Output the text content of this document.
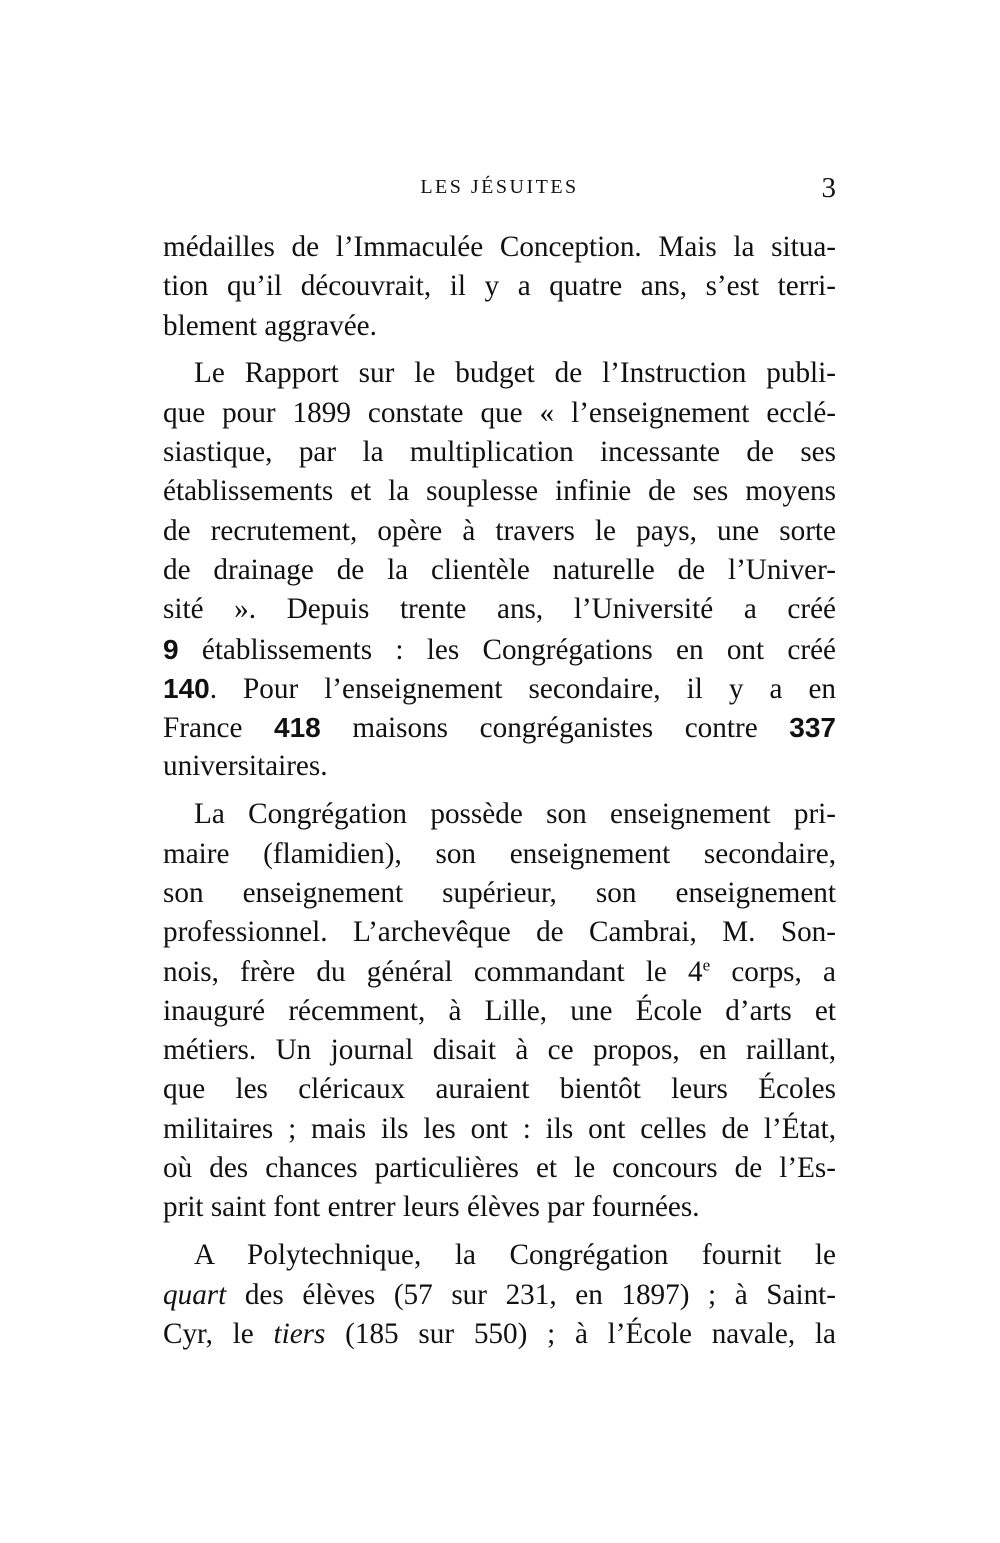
LES JÉSUITES	3

médailles de l’Immaculée Conception. Mais la situa-
tion qu’il découvrait, il y a quatre ans, s’est terri-
blement aggravée.

Le Rapport sur le budget de l’Instruction publi-
que pour 1899 constate que « l’enseignement ecclé-
siastique, par la multiplication incessante de ses
établissements et la souplesse infinie de ses moyens
de recrutement, opère à travers le pays, une sorte
de drainage de la clientèle naturelle de l’Univer-
sité ». Depuis trente ans, l’Université a créé
9 établissements : les Congrégations en ont créé
140. Pour l’enseignement secondaire, il y a en
France 418 maisons congréganistes contre 337
universitaires.

La Congrégation possède son enseignement pri-
maire (flamidien), son enseignement secondaire,
son enseignement supérieur, son enseignement
professionnel. L’archevêque de Cambrai, M. Son-
nois, frère du général commandant le 4e corps, a
inauguré récemment, à Lille, une École d’arts et
métiers. Un journal disait à ce propos, en raillant,
que les cléricaux auraient bientôt leurs Écoles
militaires ; mais ils les ont : ils ont celles de l’État,
où des chances particulières et le concours de l’Es-
prit saint font entrer leurs élèves par fournées.

A Polytechnique, la Congrégation fournit le
quart des élèves (57 sur 231, en 1897) ; à Saint-
Cyr, le tiers (185 sur 550) ; à l’École navale, la
